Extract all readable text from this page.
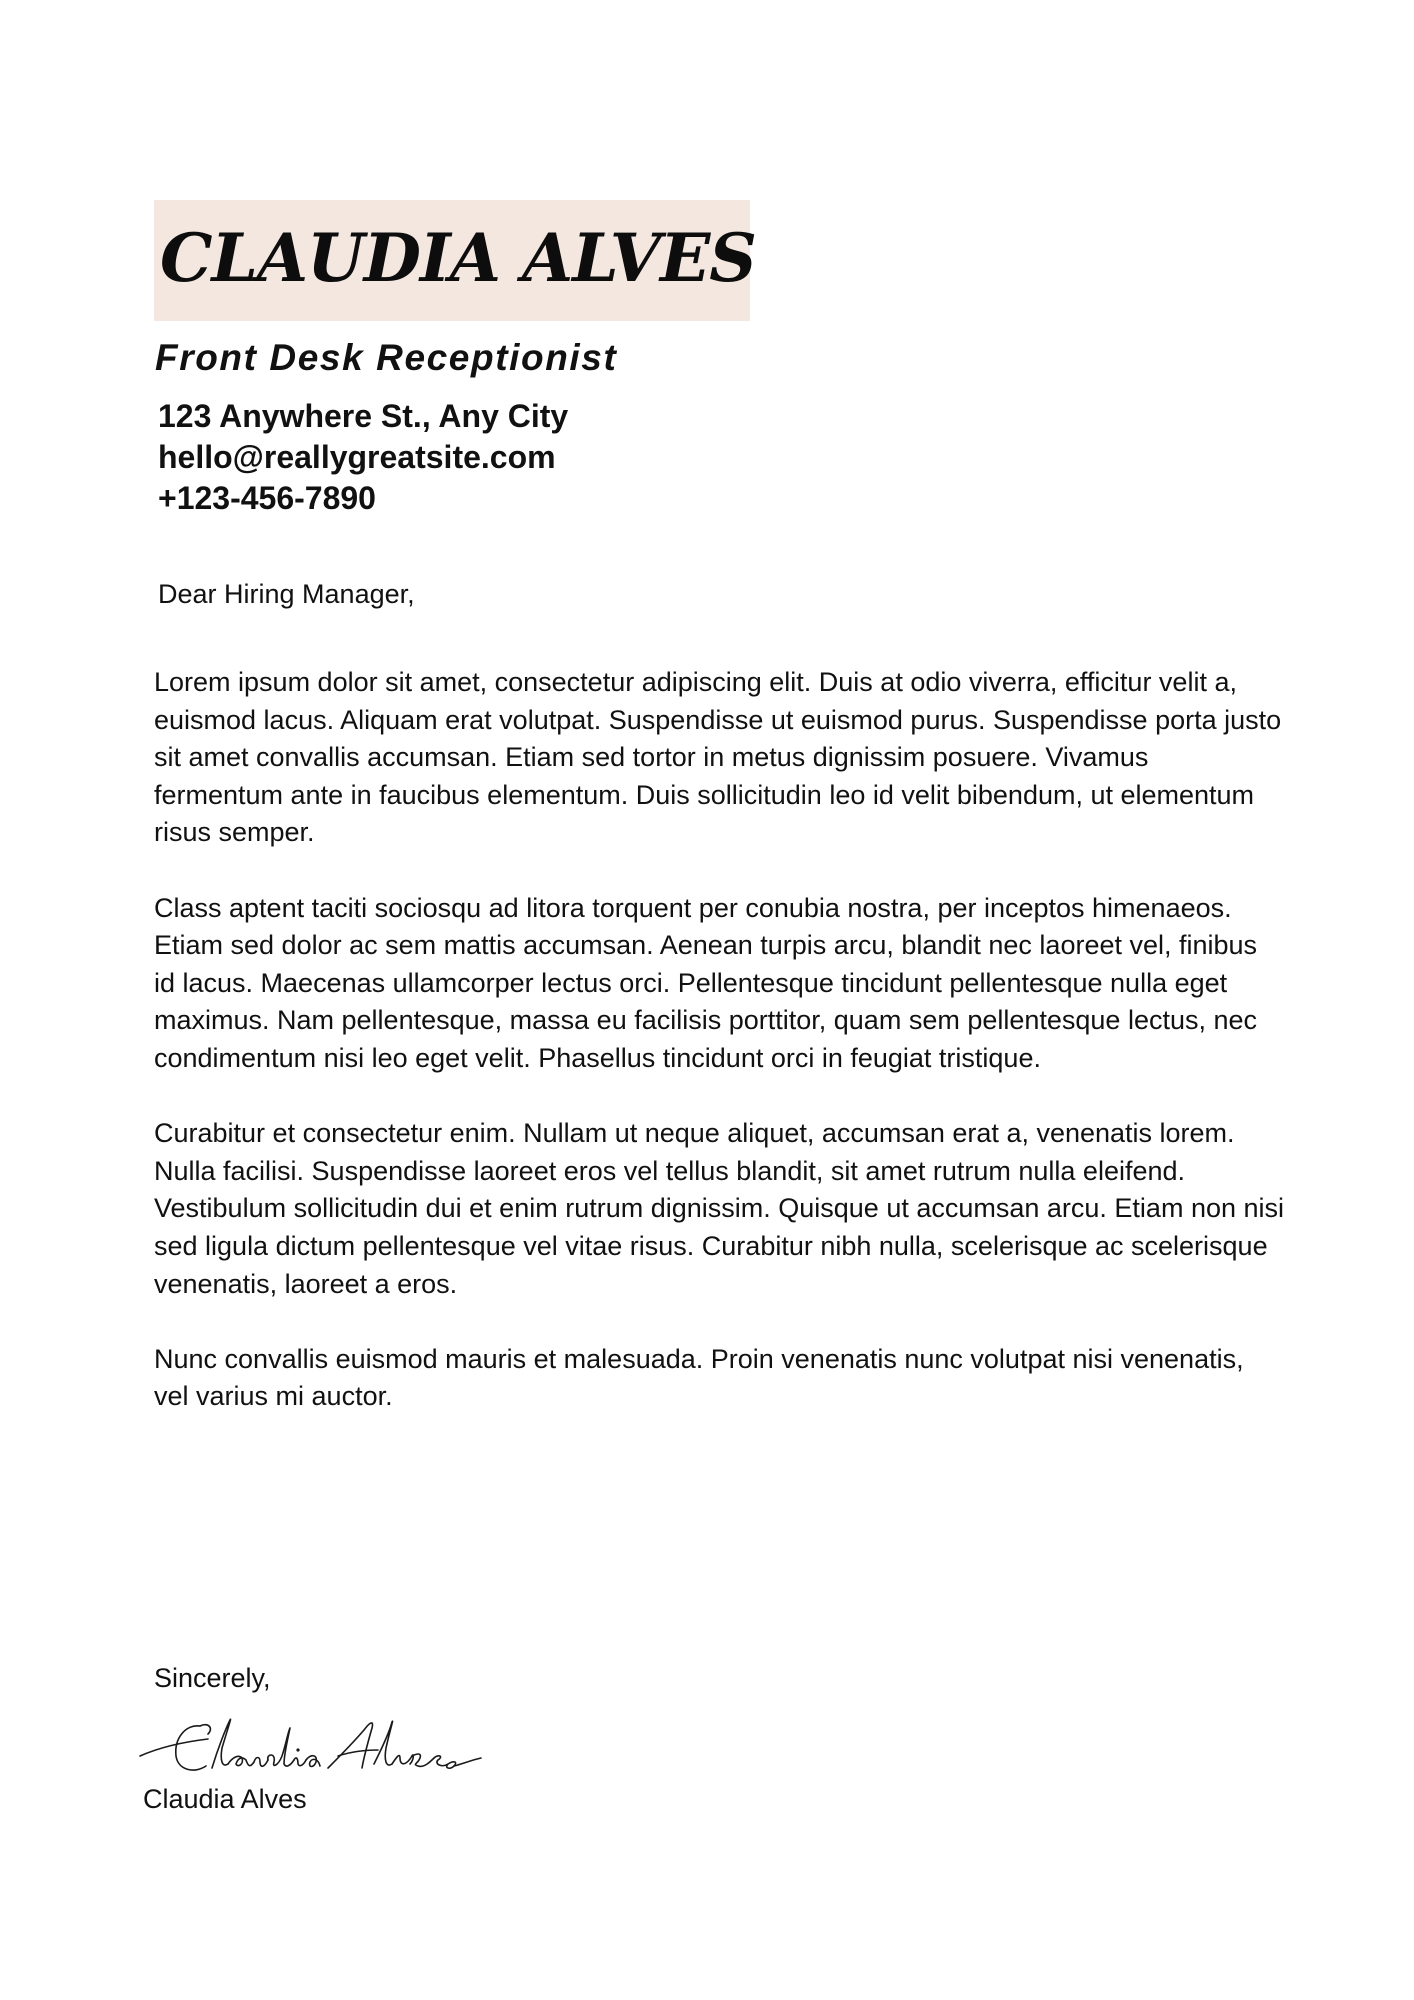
CLAUDIA ALVES
Front Desk Receptionist
123 Anywhere St., Any City
hello@reallygreatsite.com
+123-456-7890
Dear Hiring Manager,

Lorem ipsum dolor sit amet, consectetur adipiscing elit. Duis at odio viverra, efficitur velit a, euismod lacus. Aliquam erat volutpat. Suspendisse ut euismod purus. Suspendisse porta justo sit amet convallis accumsan. Etiam sed tortor in metus dignissim posuere. Vivamus fermentum ante in faucibus elementum. Duis sollicitudin leo id velit bibendum, ut elementum risus semper.

Class aptent taciti sociosqu ad litora torquent per conubia nostra, per inceptos himenaeos. Etiam sed dolor ac sem mattis accumsan. Aenean turpis arcu, blandit nec laoreet vel, finibus id lacus. Maecenas ullamcorper lectus orci. Pellentesque tincidunt pellentesque nulla eget maximus. Nam pellentesque, massa eu facilisis porttitor, quam sem pellentesque lectus, nec condimentum nisi leo eget velit. Phasellus tincidunt orci in feugiat tristique.

Curabitur et consectetur enim. Nullam ut neque aliquet, accumsan erat a, venenatis lorem. Nulla facilisi. Suspendisse laoreet eros vel tellus blandit, sit amet rutrum nulla eleifend. Vestibulum sollicitudin dui et enim rutrum dignissim. Quisque ut accumsan arcu. Etiam non nisi sed ligula dictum pellentesque vel vitae risus. Curabitur nibh nulla, scelerisque ac scelerisque venenatis, laoreet a eros.

Nunc convallis euismod mauris et malesuada. Proin venenatis nunc volutpat nisi venenatis, vel varius mi auctor.

Sincerely,
Claudia Alves
